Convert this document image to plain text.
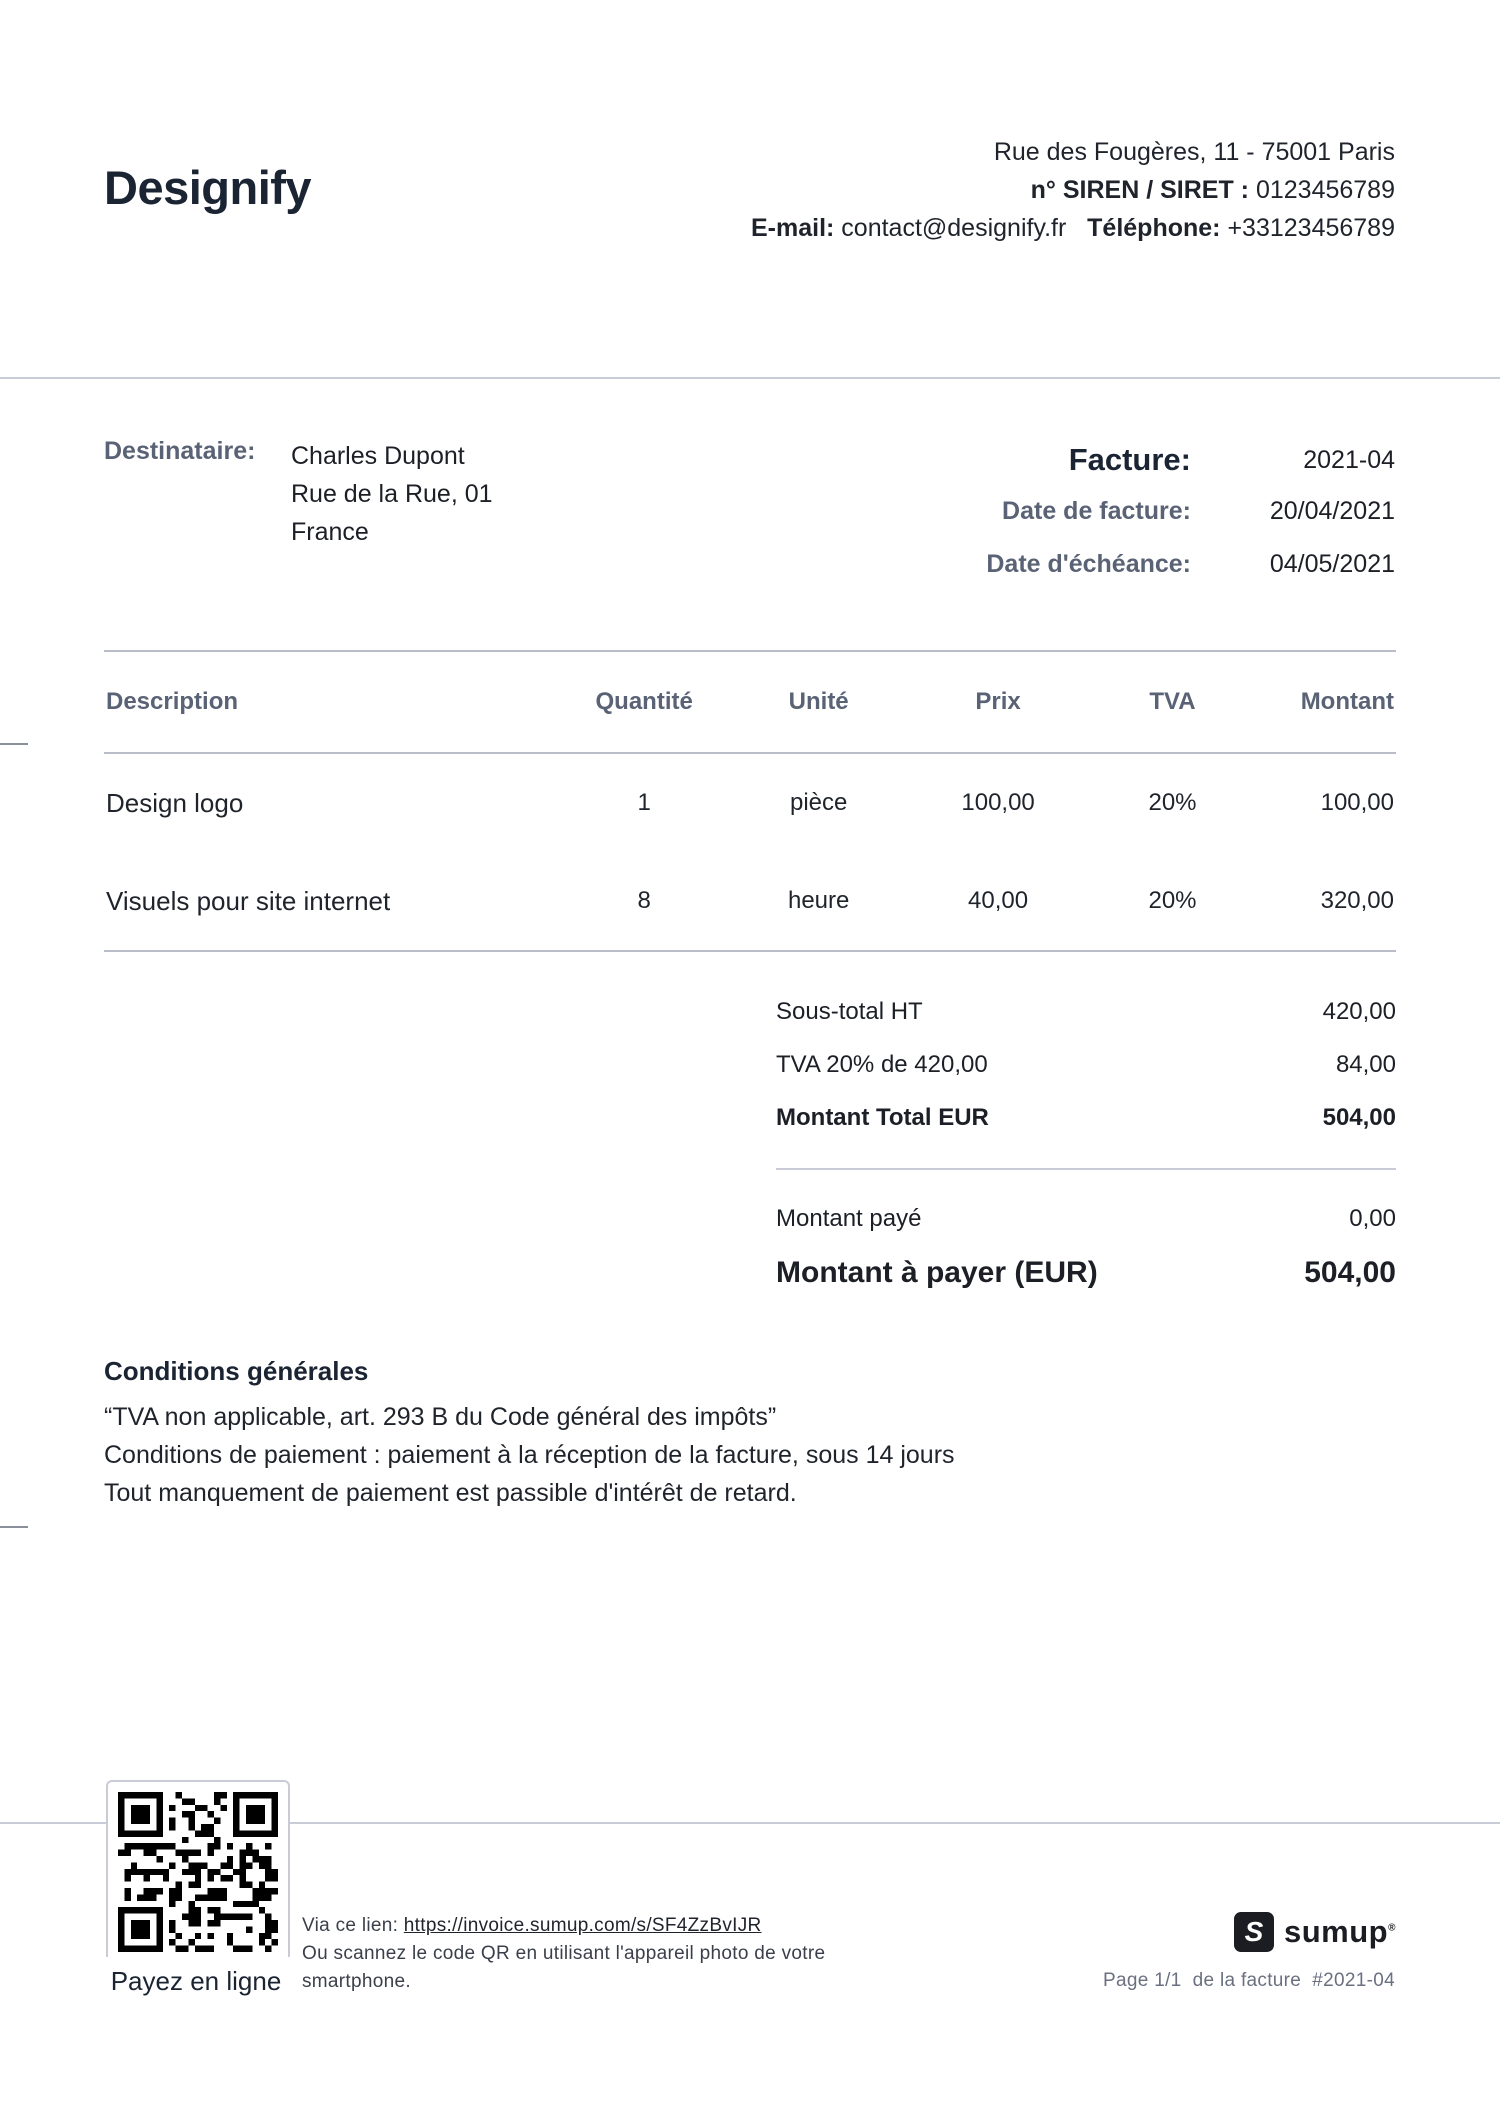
Designify
Rue des Fougères, 11 - 75001 Paris
n° SIREN / SIRET : 0123456789
E-mail: contact@designify.fr Téléphone: +33123456789
Destinataire: Charles Dupont
Rue de la Rue, 01
France
Facture:	2021-04
Date de facture:	20/04/2021
Date d'échéance:	04/05/2021
Description	Quantité	Unité	Prix	TVA	Montant
Design logo	1	pièce	100,00	20%	100,00
Visuels pour site internet	8	heure	40,00	20%	320,00
Sous-total HT	420,00
TVA 20% de 420,00	84,00
Montant Total EUR	504,00
Montant payé	0,00
Montant à payer (EUR)	504,00
Conditions générales
“TVA non applicable, art. 293 B du Code général des impôts”
Conditions de paiement : paiement à la réception de la facture, sous 14 jours
Tout manquement de paiement est passible d'intérêt de retard.
Payez en ligne
Via ce lien: https://invoice.sumup.com/s/SF4ZzBvIJR
Ou scannez le code QR en utilisant l'appareil photo de votre
smartphone.
S sumup®
Page 1/1  de la facture  #2021-04
